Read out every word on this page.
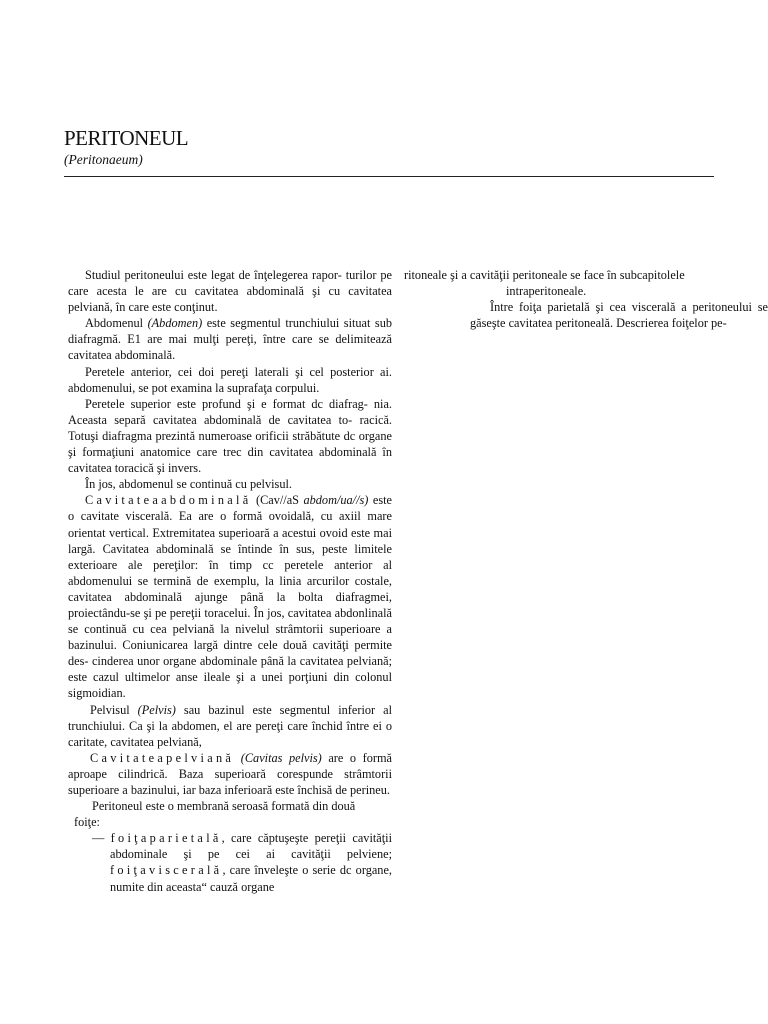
PERITONEUL
(Peritonaeum)

Studiul peritoneului este legat de înţelegerea rapor- turilor pe care acesta le are cu cavitatea abdominală şi cu cavitatea pelviană, în care este conţinut.

Abdomenul (Abdomen) este segmentul trunchiului situat sub diafragmă. E1 are mai mulţi pereţi, între care se delimitează cavitatea abdominală.

Peretele anterior, cei doi pereţi laterali şi cel posterior ai. abdomenului, se pot examina la suprafaţa corpului.

Peretele superior este profund şi e format dc diafrag- nia. Aceasta separă cavitatea abdominală de cavitatea to- racică. Totuşi diafragma prezintă numeroase orificii străbătute dc organe şi formaţiuni anatomice care trec din cavitatea abdominală în cavitatea toracică şi invers.

În jos, abdomenul se continuă cu pelvisul.

Cavitateaabdominală (Cav//aS abdom/ua//s) este o cavitate viscerală. Ea are o formă ovoidală, cu axiil mare orientat vertical. Extremitatea superioară a acestui ovoid este mai largă. Cavitatea abdominală se întinde în sus, peste limitele exterioare ale pereţilor: în timp cc peretele anterior al abdomenului se termină de exemplu, la linia arcurilor costale, cavitatea abdominală ajunge până la bolta diafragmei, proiectându-se şi pe pereţii toracelui. În jos, cavitatea abdonlinală se continuă cu cea pelviană la nivelul strâmtorii superioare a bazinului. Coniunicarea largă dintre cele două cavităţi permite des- cinderea unor organe abdominale până la cavitatea pelviană; este cazul ultimelor anse ileale şi a unei porţiuni din colonul sigmoidian.

Pelvisul (Pelvis) sau bazinul este segmentul inferior al trunchiului. Ca şi la abdomen, el are pereţi care închid între ei o caritate, cavitatea pelviană,

Cavitateapelviană (Cavitas pelvis) are o formă aproape cilindrică. Baza superioară corespunde strâmtorii superioare a bazinului, iar baza inferioară este închisă de perineu.

Peritoneul este o membrană seroasă formată din două

foiţe:

— foiţaparietală, care căptuşeşte pereţii cavităţii abdominale şi pe cei ai cavităţii pelviene; foiţaviscerală, care înveleşte o serie dc organe, numite din aceasta“ cauză organe

ritoneale şi a cavităţii peritoneale se face în subcapitolele

intraperitoneale.

Între foiţa parietală şi cea viscerală a peritoneului se găseşte cavitatea peritoneală. Descrierea foiţelor pe-
